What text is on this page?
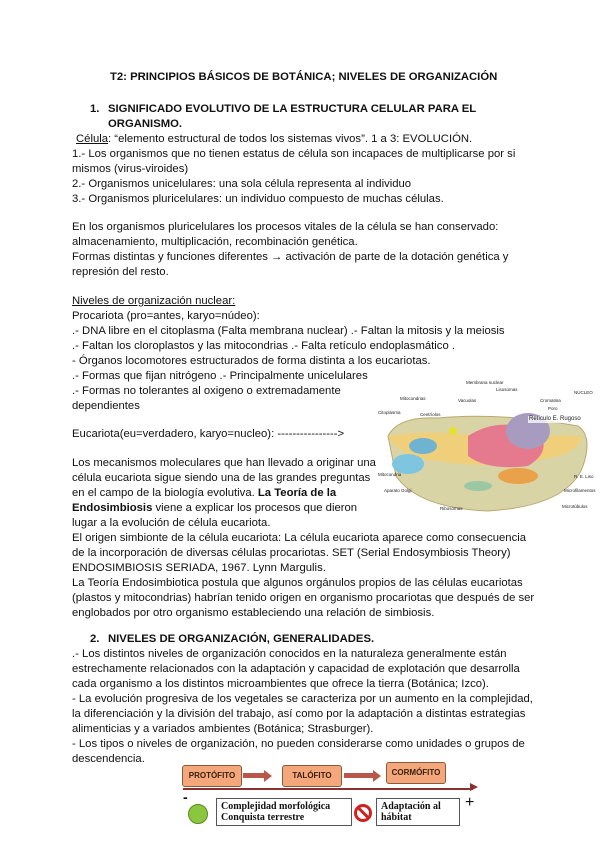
T2: PRINCIPIOS BÁSICOS DE BOTÁNICA; NIVELES DE ORGANIZACIÓN
1. SIGNIFICADO EVOLUTIVO DE LA ESTRUCTURA CELULAR PARA EL
ORGANISMO.
Célula: “elemento estructural de todos los sistemas vivos”. 1 a 3: EVOLUCIÓN.
1.- Los organismos que no tienen estatus de célula son incapaces de multiplicarse por si
mismos (virus-viroides)
2.- Organismos unicelulares: una sola célula representa al individuo
3.- Organismos pluricelulares: un individuo compuesto de muchas células.
En los organismos pluricelulares los procesos vitales de la célula se han conservado:
almacenamiento, multiplicación, recombinación genética.
Formas distintas y funciones diferentes → activación de parte de la dotación genética y
represión del resto.
Niveles de organización nuclear:
Procariota (pro=antes, karyo=núdeo):
.- DNA libre en el citoplasma (Falta membrana nuclear) .- Faltan la mitosis y la meiosis
.- Faltan los cloroplastos y las mitocondrias .- Falta retículo endoplasmático .
- Órganos locomotores estructurados de forma distinta a los eucariotas.
.- Formas que fijan nitrógeno .- Principalmente unicelulares
.- Formas no tolerantes al oxigeno o extremadamente
dependientes
Eucariota(eu=verdadero, karyo=nucleo): ---------------->
Los mecanismos moleculares que han llevado a originar una
célula eucariota sigue siendo una de las grandes preguntas
en el campo de la biología evolutiva. La Teoría de la
Endosimbiosis viene a explicar los procesos que dieron
lugar a la evolución de célula eucariota.
El origen simbionte de la célula eucariota: La célula eucariota aparece como consecuencia
de la incorporación de diversas células procariotas. SET (Serial Endosymbiosis Theory)
ENDOSIMBIOSIS SERIADA, 1967. Lynn Margulis.
La Teoría Endosimbiotica postula que algunos orgánulos propios de las células eucariotas
(plastos y mitocondrias) habrían tenido origen en organismo procariotas que después de ser
englobados por otro organismo estableciendo una relación de simbiosis.
Membrana nuclear
NÚCLEO
Lisosomas
Vacuolas
Mitocondrias	Cromatina
Poro
Citoplasma	Centríolos
Retículo E. Rugoso
Mitocondria	R. E. Liso
Aparato Golgi	Microfilamentos
Microtúbulos
Ribosomas
2. NIVELES DE ORGANIZACIÓN, GENERALIDADES.
.- Los distintos niveles de organización conocidos en la naturaleza generalmente están
estrechamente relacionados con la adaptación y capacidad de explotación que desarrolla
cada organismo a los distintos microambientes que ofrece la tierra (Botánica; Izco).
- La evolución progresiva de los vegetales se caracteriza por un aumento en la complejidad,
la diferenciación y la división del trabajo, así como por la adaptación a distintas estrategias
alimenticias y a variados ambientes (Botánica; Strasburger).
- Los tipos o niveles de organización, no pueden considerarse como unidades o grupos de
descendencia.
PROTÓFITO	TALÓFITO	CORMÓFITO
-	+
Complejidad morfológica
Conquista terrestre
Adaptación al
hábitat
